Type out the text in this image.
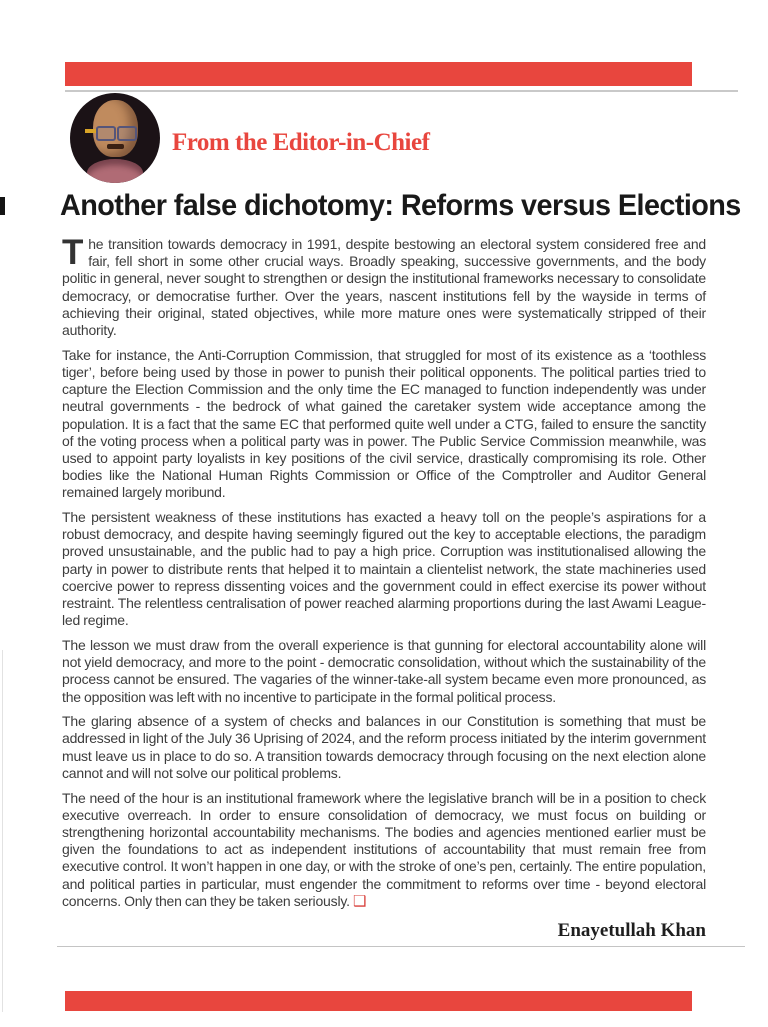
From the Editor-in-Chief
Another false dichotomy: Reforms versus Elections

The transition towards democracy in 1991, despite bestowing an electoral system considered free and fair, fell short in some other crucial ways. Broadly speaking, successive governments, and the body politic in general, never sought to strengthen or design the institutional frameworks necessary to consolidate democracy, or democratise further. Over the years, nascent institutions fell by the wayside in terms of achieving their original, stated objectives, while more mature ones were systematically stripped of their authority.

Take for instance, the Anti-Corruption Commission, that struggled for most of its existence as a ‘toothless tiger’, before being used by those in power to punish their political opponents. The political parties tried to capture the Election Commission and the only time the EC managed to function independently was under neutral governments - the bedrock of what gained the caretaker system wide acceptance among the population. It is a fact that the same EC that performed quite well under a CTG, failed to ensure the sanctity of the voting process when a political party was in power. The Public Service Commission meanwhile, was used to appoint party loyalists in key positions of the civil service, drastically compromising its role. Other bodies like the National Human Rights Commission or Office of the Comptroller and Auditor General remained largely moribund.

The persistent weakness of these institutions has exacted a heavy toll on the people’s aspirations for a robust democracy, and despite having seemingly figured out the key to acceptable elections, the paradigm proved unsustainable, and the public had to pay a high price. Corruption was institutionalised allowing the party in power to distribute rents that helped it to maintain a clientelist network, the state machineries used coercive power to repress dissenting voices and the government could in effect exercise its power without restraint. The relentless centralisation of power reached alarming proportions during the last Awami League-led regime.

The lesson we must draw from the overall experience is that gunning for electoral accountability alone will not yield democracy, and more to the point - democratic consolidation, without which the sustainability of the process cannot be ensured. The vagaries of the winner-take-all system became even more pronounced, as the opposition was left with no incentive to participate in the formal political process.

The glaring absence of a system of checks and balances in our Constitution is something that must be addressed in light of the July 36 Uprising of 2024, and the reform process initiated by the interim government must leave us in place to do so. A transition towards democracy through focusing on the next election alone cannot and will not solve our political problems.

The need of the hour is an institutional framework where the legislative branch will be in a position to check executive overreach. In order to ensure consolidation of democracy, we must focus on building or strengthening horizontal accountability mechanisms. The bodies and agencies mentioned earlier must be given the foundations to act as independent institutions of accountability that must remain free from executive control. It won’t happen in one day, or with the stroke of one’s pen, certainly. The entire population, and political parties in particular, must engender the commitment to reforms over time - beyond electoral concerns. Only then can they be taken seriously. ❑

Enayetullah Khan
